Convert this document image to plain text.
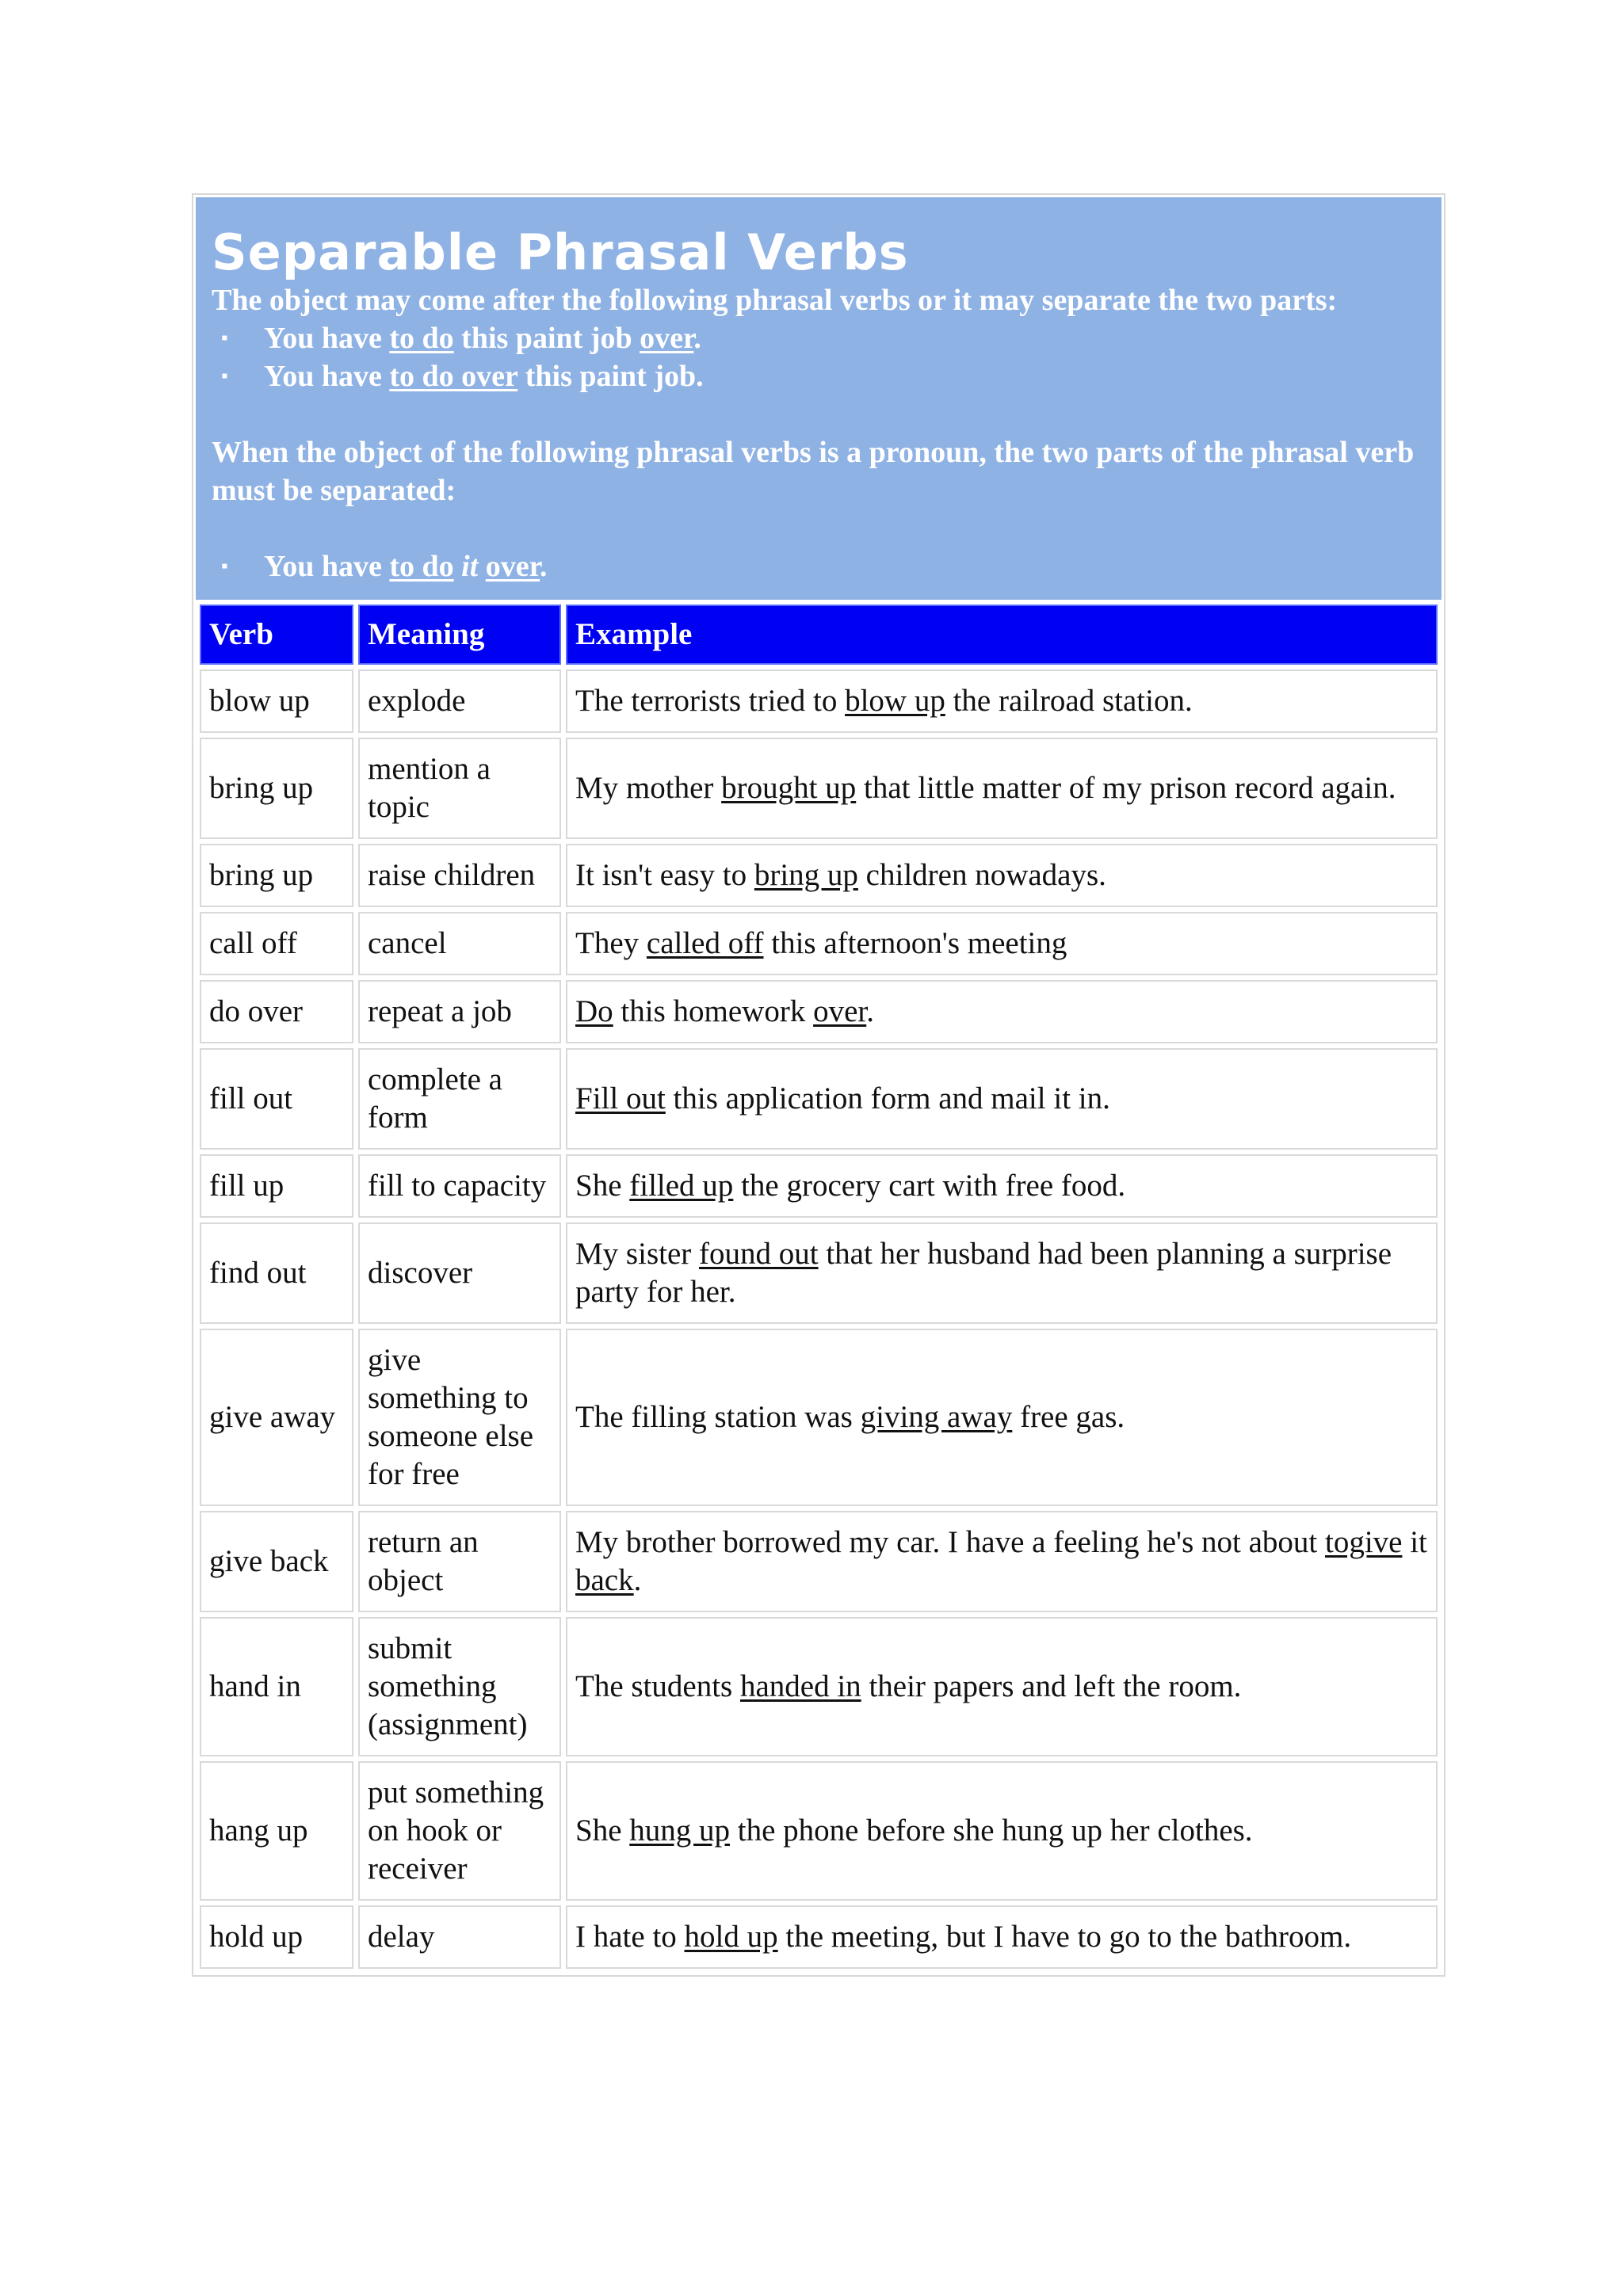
Separable Phrasal Verbs

The object may come after the following phrasal verbs or it may separate the two parts:

▪ You have to do this paint job over.
▪ You have to do over this paint job.

When the object of the following phrasal verbs is a pronoun, the two parts of the phrasal verb must be separated:

▪ You have to do it over.
Verb	Meaning	Example
blow up	explode	The terrorists tried to blow up the railroad station.
bring up	mention a topic	My mother brought up that little matter of my prison record again.
bring up	raise children	It isn't easy to bring up children nowadays.
call off	cancel	They called off this afternoon's meeting
do over	repeat a job	Do this homework over.
fill out	complete a form	Fill out this application form and mail it in.
fill up	fill to capacity	She filled up the grocery cart with free food.
find out	discover	My sister found out that her husband had been planning a surprise party for her.
give away	give something to someone else for free	The filling station was giving away free gas.
give back	return an object	My brother borrowed my car. I have a feeling he's not about togive it back.
hand in	submit something (assignment)	The students handed in their papers and left the room.
hang up	put something on hook or receiver	She hung up the phone before she hung up her clothes.
hold up	delay	I hate to hold up the meeting, but I have to go to the bathroom.
